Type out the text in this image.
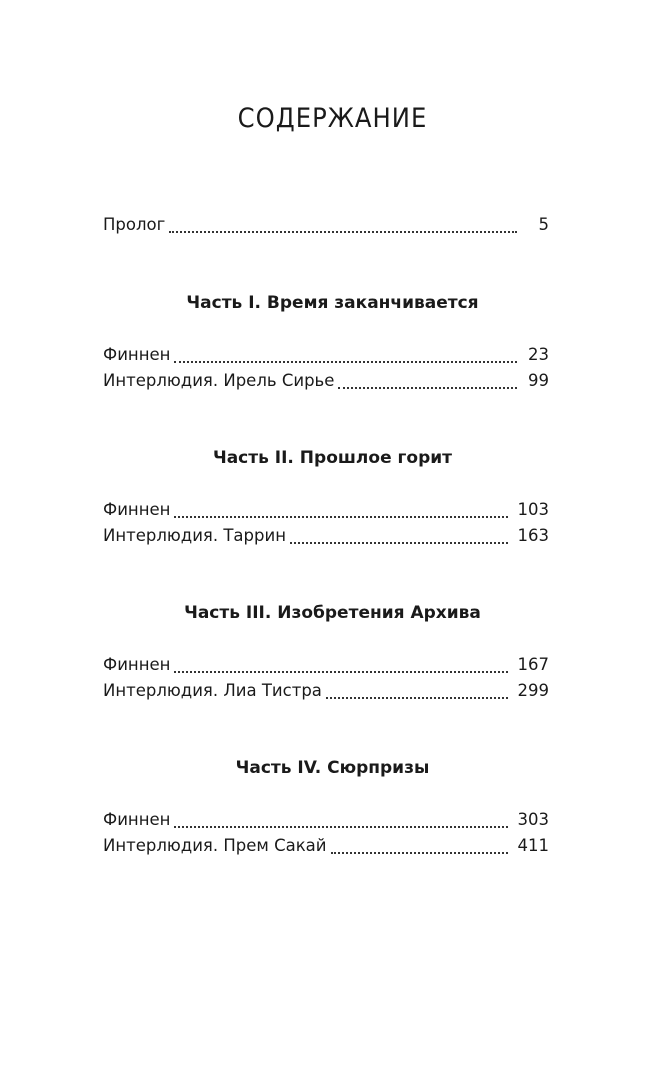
СОДЕРЖАНИЕ
Пролог	5
Часть I. Время заканчивается
Финнен	23
Интерлюдия. Ирель Сирье	99
Часть II. Прошлое горит
Финнен	103
Интерлюдия. Таррин	163
Часть III. Изобретения Архива
Финнен	167
Интерлюдия. Лиа Тистра	299
Часть IV. Сюрпризы
Финнен	303
Интерлюдия. Прем Сакай	411
